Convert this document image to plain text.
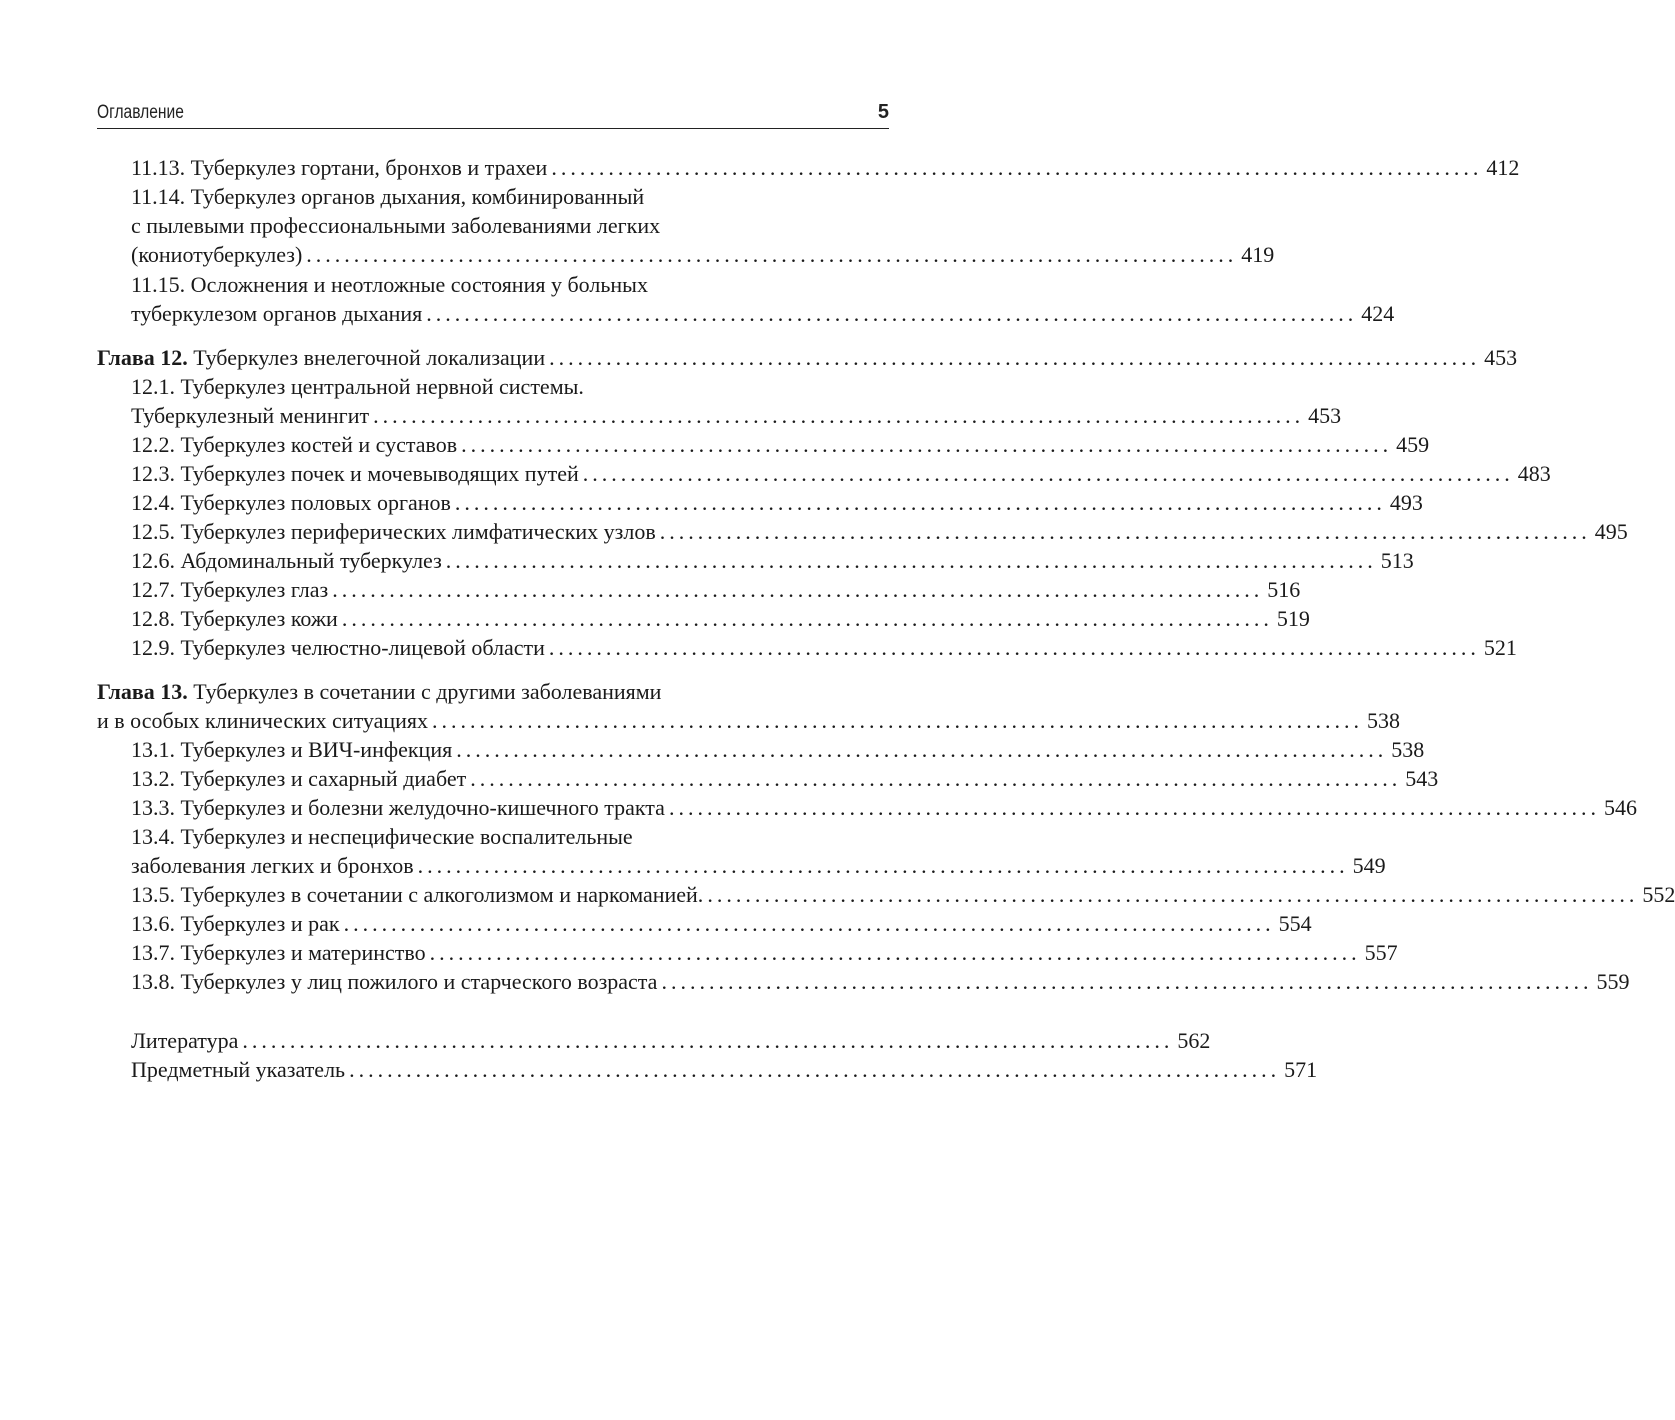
Оглавление	5
11.13. Туберкулез гортани, бронхов и трахеи .................................................................................................. 412
11.14. Туберкулез органов дыхания, комбинированный
с пылевыми профессиональными заболеваниями легких
(кониотуберкулез) .................................................................................................. 419
11.15. Осложнения и неотложные состояния у больных
туберкулезом органов дыхания .................................................................................................. 424
Глава 12. Туберкулез внелегочной локализации .................................................................................................. 453
12.1. Туберкулез центральной нервной системы.
Туберкулезный менингит .................................................................................................. 453
12.2. Туберкулез костей и суставов .................................................................................................. 459
12.3. Туберкулез почек и мочевыводящих путей .................................................................................................. 483
12.4. Туберкулез половых органов .................................................................................................. 493
12.5. Туберкулез периферических лимфатических узлов .................................................................................................. 495
12.6. Абдоминальный туберкулез .................................................................................................. 513
12.7. Туберкулез глаз .................................................................................................. 516
12.8. Туберкулез кожи .................................................................................................. 519
12.9. Туберкулез челюстно-лицевой области .................................................................................................. 521
Глава 13. Туберкулез в сочетании с другими заболеваниями
и в особых клинических ситуациях .................................................................................................. 538
13.1. Туберкулез и ВИЧ-инфекция .................................................................................................. 538
13.2. Туберкулез и сахарный диабет .................................................................................................. 543
13.3. Туберкулез и болезни желудочно-кишечного тракта .................................................................................................. 546
13.4. Туберкулез и неспецифические воспалительные
заболевания легких и бронхов .................................................................................................. 549
13.5. Туберкулез в сочетании с алкоголизмом и наркоманией. .................................................................................................. 552
13.6. Туберкулез и рак .................................................................................................. 554
13.7. Туберкулез и материнство .................................................................................................. 557
13.8. Туберкулез у лиц пожилого и старческого возраста .................................................................................................. 559
Литература .................................................................................................. 562
Предметный указатель .................................................................................................. 571
